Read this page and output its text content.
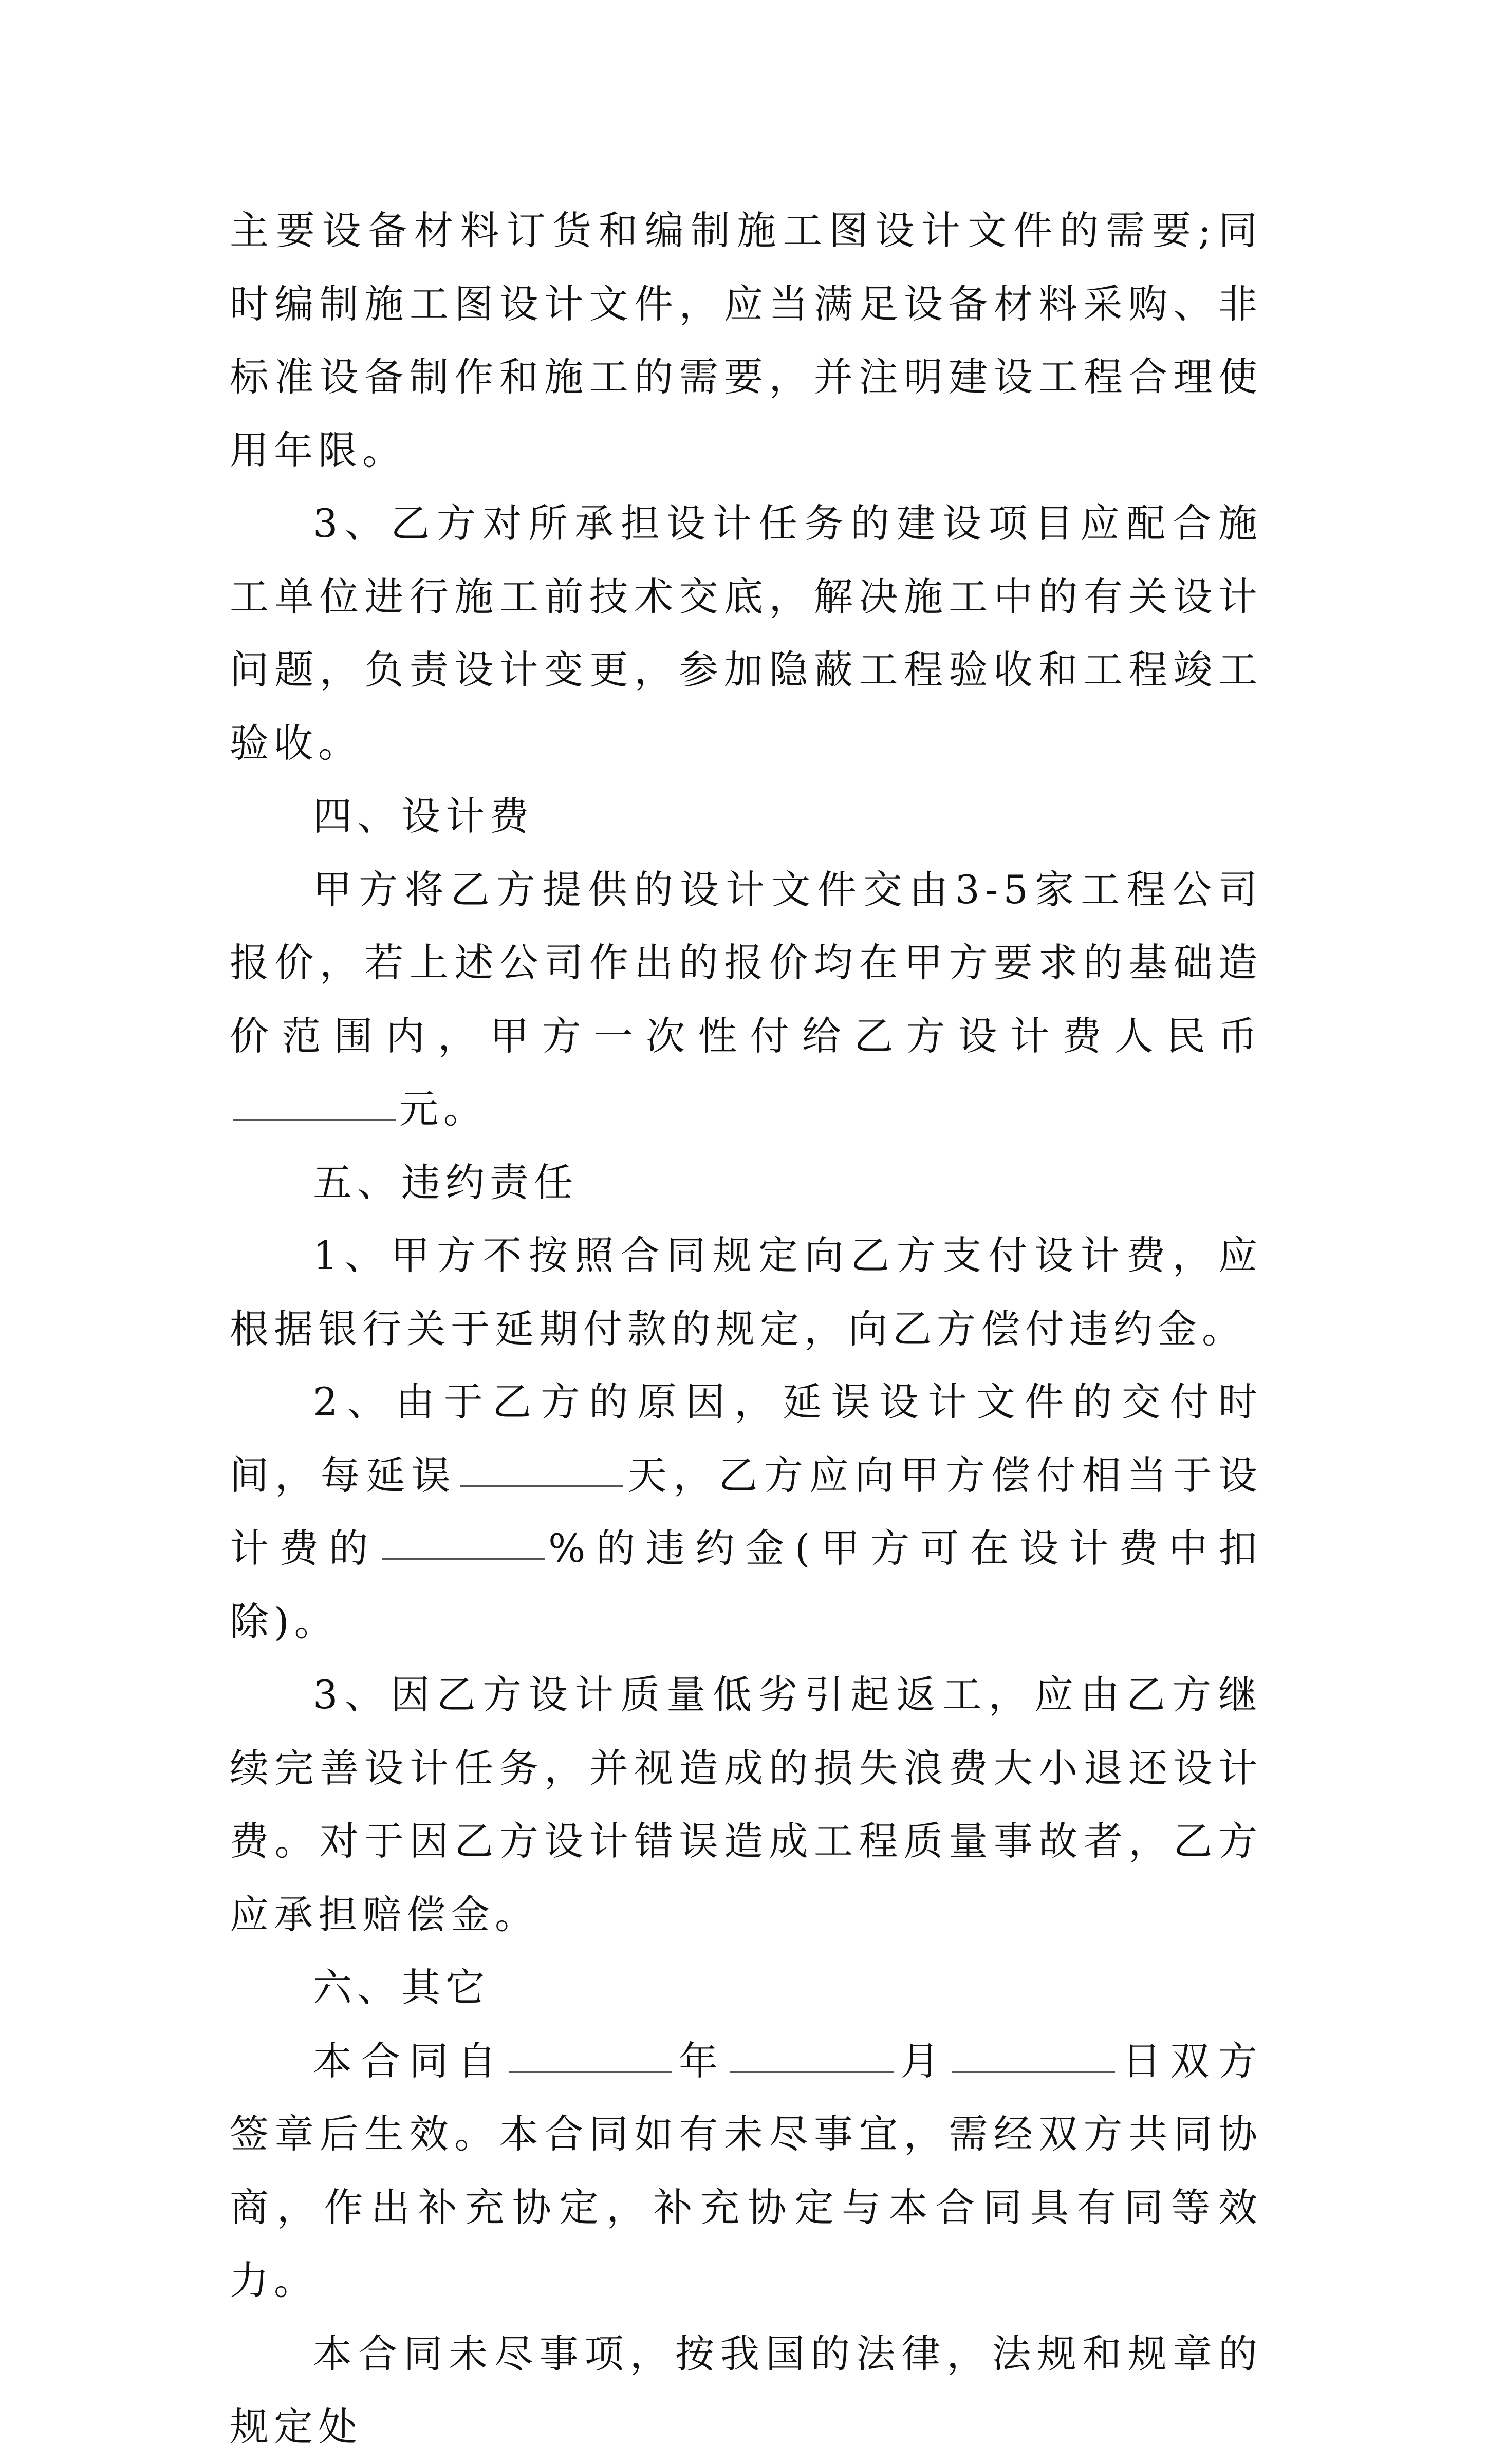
主要设备材料订货和编制施工图设计文件的需要;同时编制施工图设计文件，应当满足设备材料采购、非标准设备制作和施工的需要，并注明建设工程合理使用年限。

3、乙方对所承担设计任务的建设项目应配合施工单位进行施工前技术交底，解决施工中的有关设计问题，负责设计变更，参加隐蔽工程验收和工程竣工验收。

四、设计费

甲方将乙方提供的设计文件交由3-5家工程公司报价，若上述公司作出的报价均在甲方要求的基础造价范围内，甲方一次性付给乙方设计费人民币元。

五、违约责任

1、甲方不按照合同规定向乙方支付设计费，应根据银行关于延期付款的规定，向乙方偿付违约金。

2、由于乙方的原因，延误设计文件的交付时间，每延误	天，乙方应向甲方偿付相当于设计费的	%的违约金(甲方可在设计费中扣除)。

3、因乙方设计质量低劣引起返工，应由乙方继续完善设计任务，并视造成的损失浪费大小退还设计费。对于因乙方设计错误造成工程质量事故者，乙方应承担赔偿金。

六、其它

本合同自	年	月	日双方签章后生效。本合同如有未尽事宜，需经双方共同协商，作出补充协定，补充协定与本合同具有同等效力。

本合同未尽事项，按我国的法律，法规和规章的规定处
